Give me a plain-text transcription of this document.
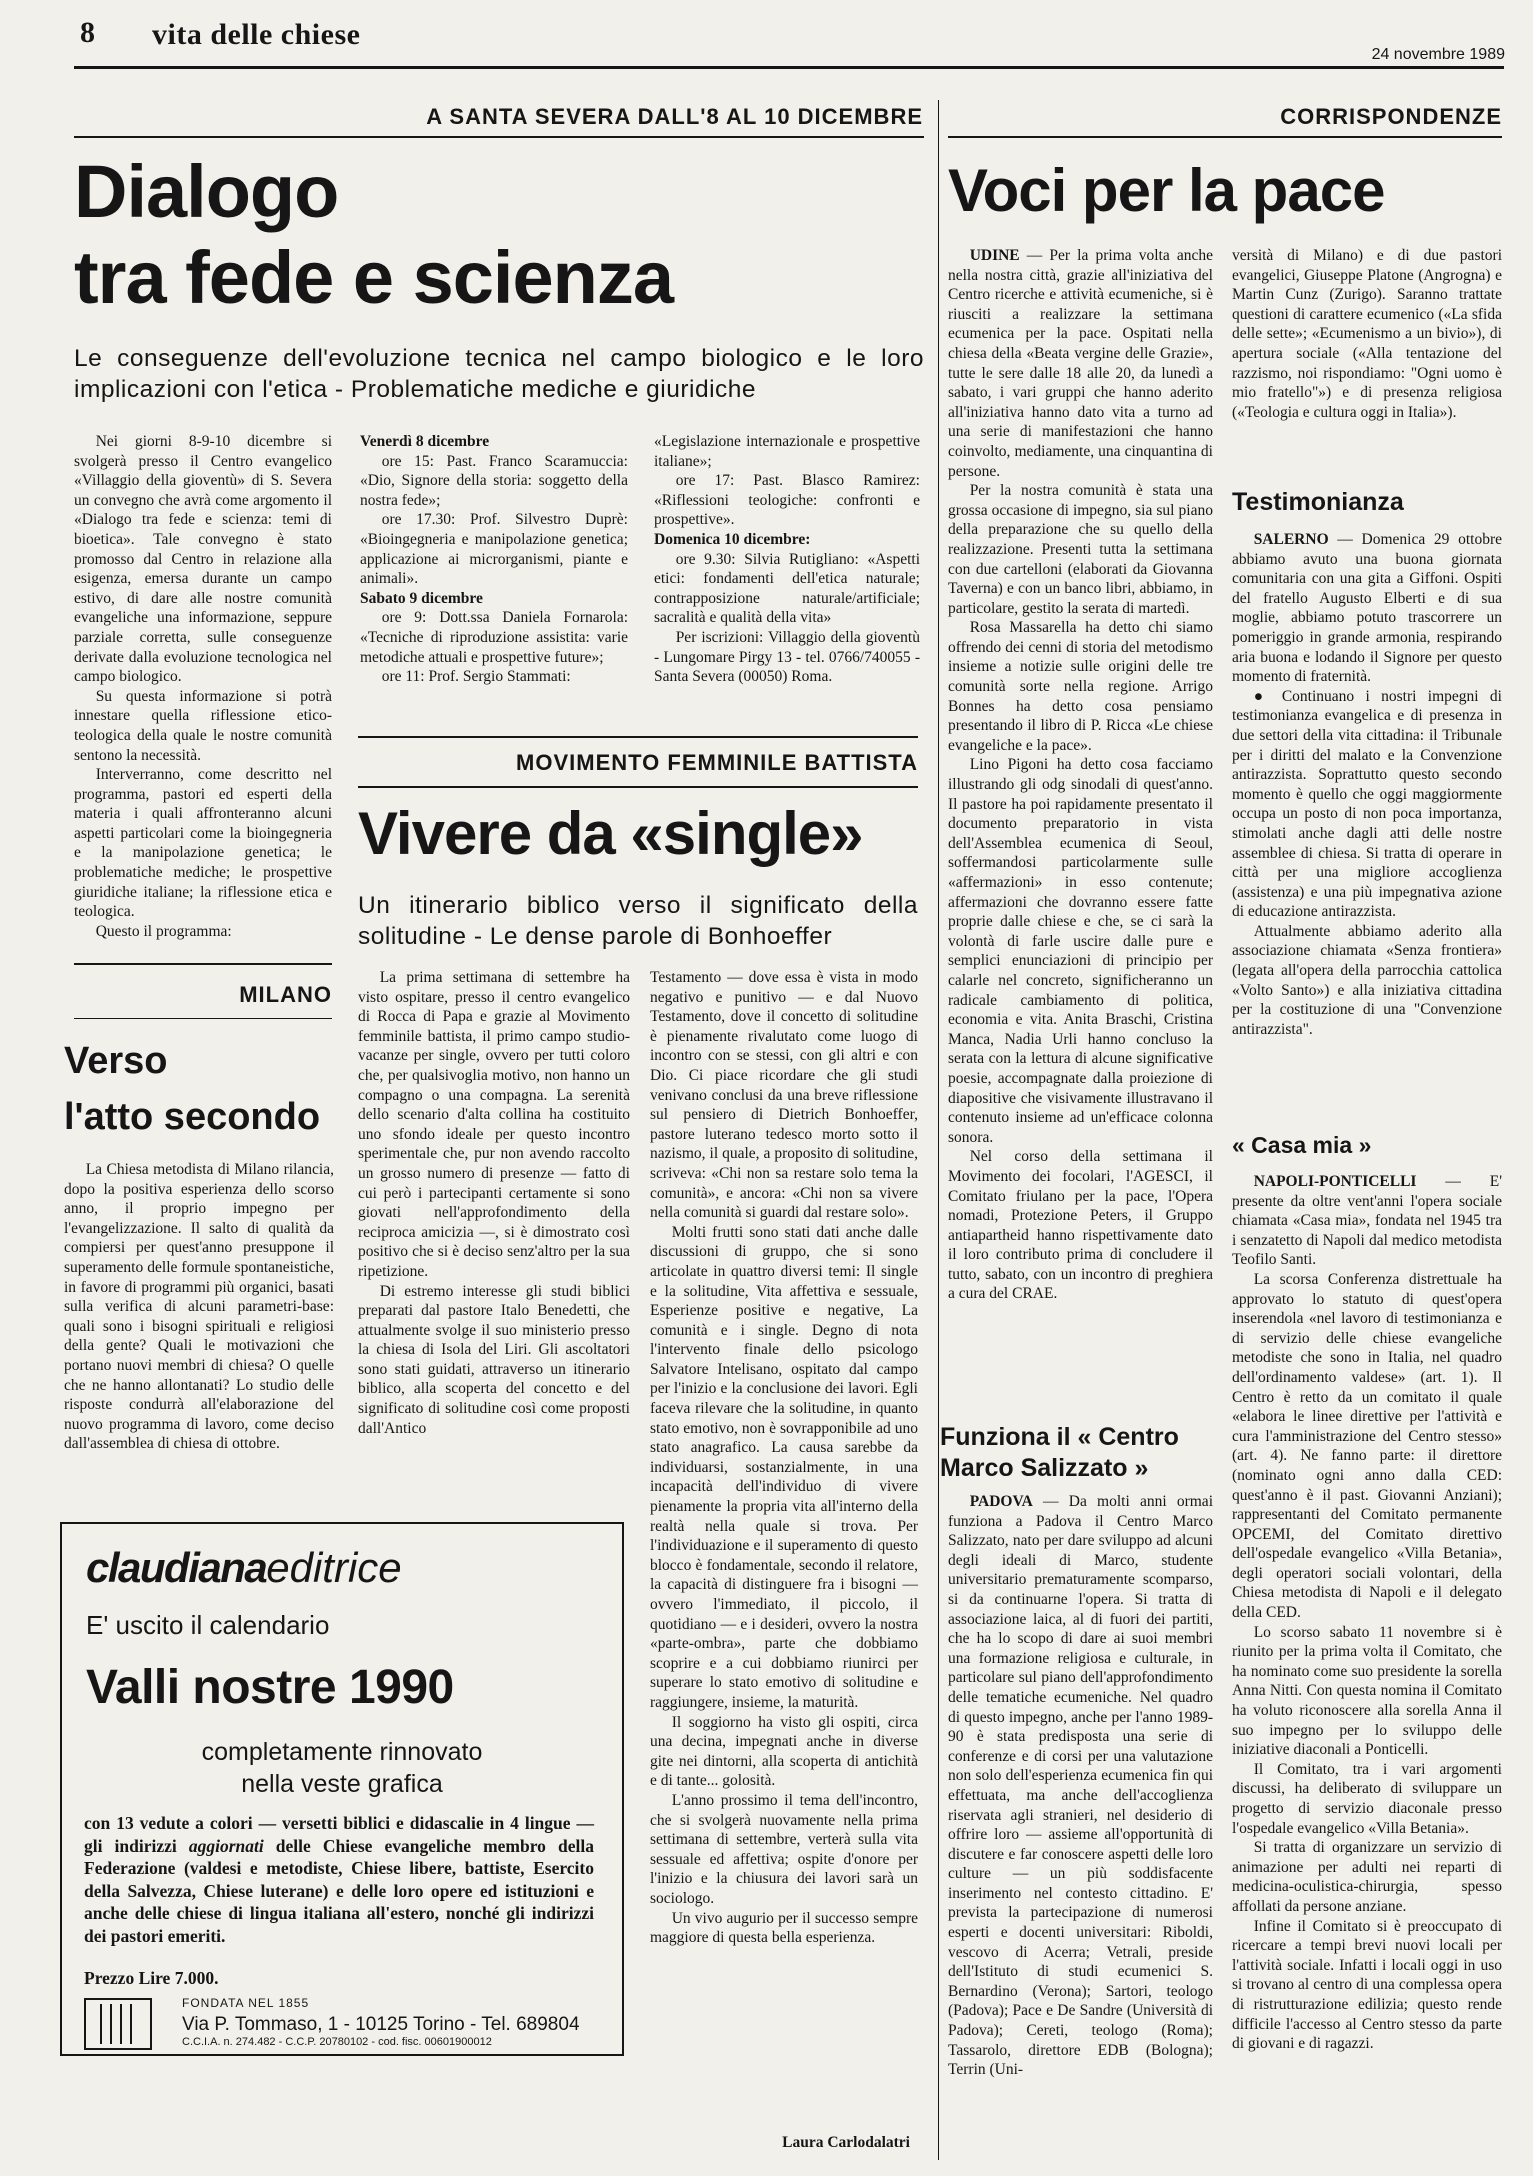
8 vita delle chiese
24 novembre 1989
A SANTA SEVERA DALL'8 AL 10 DICEMBRE
Dialogo
tra fede e scienza
Le conseguenze dell'evoluzione tecnica nel campo biologico e le loro implicazioni con l'etica - Problematiche mediche e giuridiche

Nei giorni 8-9-10 dicembre si svolgerà presso il Centro evangelico «Villaggio della gioventù» di S. Severa un convegno che avrà come argomento il «Dialogo tra fede e scienza: temi di bioetica». Tale convegno è stato promosso dal Centro in relazione alla esigenza, emersa durante un campo estivo, di dare alle nostre comunità evangeliche una informazione, seppure parziale corretta, sulle conseguenze derivate dalla evoluzione tecnologica nel campo biologico.

Su questa informazione si potrà innestare quella riflessione etico-teologica della quale le nostre comunità sentono la necessità.

Interverranno, come descritto nel programma, pastori ed esperti della materia i quali affronteranno alcuni aspetti particolari come la bioingegneria e la manipolazione genetica; le problematiche mediche; le prospettive giuridiche italiane; la riflessione etica e teologica.

Questo il programma:

Venerdì 8 dicembre

ore 15: Past. Franco Scaramuccia: «Dio, Signore della storia: soggetto della nostra fede»;

ore 17.30: Prof. Silvestro Duprè: «Bioingegneria e manipolazione genetica; applicazione ai microrganismi, piante e animali».

Sabato 9 dicembre

ore 9: Dott.ssa Daniela Fornarola: «Tecniche di riproduzione assistita: varie metodiche attuali e prospettive future»;

ore 11: Prof. Sergio Stammati:

«Legislazione internazionale e prospettive italiane»;

ore 17: Past. Blasco Ramirez: «Riflessioni teologiche: confronti e prospettive».

Domenica 10 dicembre:

ore 9.30: Silvia Rutigliano: «Aspetti etici: fondamenti dell'etica naturale; contrapposizione naturale/artificiale; sacralità e qualità della vita»

Per iscrizioni: Villaggio della gioventù - Lungomare Pirgy 13 - tel. 0766/740055 - Santa Severa (00050) Roma.

MILANO
Verso
l'atto secondo

La Chiesa metodista di Milano rilancia, dopo la positiva esperienza dello scorso anno, il proprio impegno per l'evangelizzazione. Il salto di qualità da compiersi per quest'anno presuppone il superamento delle formule spontaneistiche, in favore di programmi più organici, basati sulla verifica di alcuni parametri-base: quali sono i bisogni spirituali e religiosi della gente? Quali le motivazioni che portano nuovi membri di chiesa? O quelle che ne hanno allontanati? Lo studio delle risposte condurrà all'elaborazione del nuovo programma di lavoro, come deciso dall'assemblea di chiesa di ottobre.

MOVIMENTO FEMMINILE BATTISTA
Vivere da «single»
Un itinerario biblico verso il significato della solitudine - Le dense parole di Bonhoeffer

La prima settimana di settembre ha visto ospitare, presso il centro evangelico di Rocca di Papa e grazie al Movimento femminile battista, il primo campo studio-vacanze per single, ovvero per tutti coloro che, per qualsivoglia motivo, non hanno un compagno o una compagna. La serenità dello scenario d'alta collina ha costituito uno sfondo ideale per questo incontro sperimentale che, pur non avendo raccolto un grosso numero di presenze — fatto di cui però i partecipanti certamente si sono giovati nell'approfondimento della reciproca amicizia —, si è dimostrato così positivo che si è deciso senz'altro per la sua ripetizione.

Di estremo interesse gli studi biblici preparati dal pastore Italo Benedetti, che attualmente svolge il suo ministerio presso la chiesa di Isola del Liri. Gli ascoltatori sono stati guidati, attraverso un itinerario biblico, alla scoperta del concetto e del significato di solitudine così come proposti dall'Antico

Testamento — dove essa è vista in modo negativo e punitivo — e dal Nuovo Testamento, dove il concetto di solitudine è pienamente rivalutato come luogo di incontro con se stessi, con gli altri e con Dio. Ci piace ricordare che gli studi venivano conclusi da una breve riflessione sul pensiero di Dietrich Bonhoeffer, pastore luterano tedesco morto sotto il nazismo, il quale, a proposito di solitudine, scriveva: «Chi non sa restare solo tema la comunità», e ancora: «Chi non sa vivere nella comunità si guardi dal restare solo».

Molti frutti sono stati dati anche dalle discussioni di gruppo, che si sono articolate in quattro diversi temi: Il single e la solitudine, Vita affettiva e sessuale, Esperienze positive e negative, La comunità e i single. Degno di nota l'intervento finale dello psicologo Salvatore Intelisano, ospitato dal campo per l'inizio e la conclusione dei lavori. Egli faceva rilevare che la solitudine, in quanto stato emotivo, non è sovrapponibile ad uno stato anagrafico. La causa sarebbe da individuarsi, sostanzialmente, in una incapacità dell'individuo di vivere pienamente la propria vita all'interno della realtà nella quale si trova. Per l'individuazione e il superamento di questo blocco è fondamentale, secondo il relatore, la capacità di distinguere fra i bisogni — ovvero l'immediato, il piccolo, il quotidiano — e i desideri, ovvero la nostra «parte-ombra», parte che dobbiamo scoprire e a cui dobbiamo riunirci per superare lo stato emotivo di solitudine e raggiungere, insieme, la maturità.

Il soggiorno ha visto gli ospiti, circa una decina, impegnati anche in diverse gite nei dintorni, alla scoperta di antichità e di tante... golosità.

L'anno prossimo il tema dell'incontro, che si svolgerà nuovamente nella prima settimana di settembre, verterà sulla vita sessuale ed affettiva; ospite d'onore per l'inizio e la chiusura dei lavori sarà un sociologo.

Un vivo augurio per il successo sempre maggiore di questa bella esperienza.

Laura Carlodalatri
claudianaeditrice
E' uscito il calendario
Valli nostre 1990
completamente rinnovato
nella veste grafica
con 13 vedute a colori — versetti biblici e didascalie in 4 lingue — gli indirizzi aggiornati delle Chiese evangeliche membro della Federazione (valdesi e metodiste, Chiese libere, battiste, Esercito della Salvezza, Chiese luterane) e delle loro opere ed istituzioni e anche delle chiese di lingua italiana all'estero, nonché gli indirizzi dei pastori emeriti.
Prezzo Lire 7.000.
FONDATA NEL 1855
Via P. Tommaso, 1 - 10125 Torino - Tel. 689804
C.C.I.A. n. 274.482 - C.C.P. 20780102 - cod. fisc. 00601900012
CORRISPONDENZE
Voci per la pace

UDINE — Per la prima volta anche nella nostra città, grazie all'iniziativa del Centro ricerche e attività ecumeniche, si è riusciti a realizzare la settimana ecumenica per la pace. Ospitati nella chiesa della «Beata vergine delle Grazie», tutte le sere dalle 18 alle 20, da lunedì a sabato, i vari gruppi che hanno aderito all'iniziativa hanno dato vita a turno ad una serie di manifestazioni che hanno coinvolto, mediamente, una cinquantina di persone.

Per la nostra comunità è stata una grossa occasione di impegno, sia sul piano della preparazione che su quello della realizzazione. Presenti tutta la settimana con due cartelloni (elaborati da Giovanna Taverna) e con un banco libri, abbiamo, in particolare, gestito la serata di martedì.

Rosa Massarella ha detto chi siamo offrendo dei cenni di storia del metodismo insieme a notizie sulle origini delle tre comunità sorte nella regione. Arrigo Bonnes ha detto cosa pensiamo presentando il libro di P. Ricca «Le chiese evangeliche e la pace».

Lino Pigoni ha detto cosa facciamo illustrando gli odg sinodali di quest'anno. Il pastore ha poi rapidamente presentato il documento preparatorio in vista dell'Assemblea ecumenica di Seoul, soffermandosi particolarmente sulle «affermazioni» in esso contenute; affermazioni che dovranno essere fatte proprie dalle chiese e che, se ci sarà la volontà di farle uscire dalle pure e semplici enunciazioni di principio per calarle nel concreto, significheranno un radicale cambiamento di politica, economia e vita. Anita Braschi, Cristina Manca, Nadia Urli hanno concluso la serata con la lettura di alcune significative poesie, accompagnate dalla proiezione di diapositive che visivamente illustravano il contenuto insieme ad un'efficace colonna sonora.

Nel corso della settimana il Movimento dei focolari, l'AGESCI, il Comitato friulano per la pace, l'Opera nomadi, Protezione Peters, il Gruppo antiapartheid hanno rispettivamente dato il loro contributo prima di concludere il tutto, sabato, con un incontro di preghiera a cura del CRAE.

Funziona il « Centro Marco Salizzato »

PADOVA — Da molti anni ormai funziona a Padova il Centro Marco Salizzato, nato per dare sviluppo ad alcuni degli ideali di Marco, studente universitario prematuramente scomparso, si da continuarne l'opera. Si tratta di associazione laica, al di fuori dei partiti, che ha lo scopo di dare ai suoi membri una formazione religiosa e culturale, in particolare sul piano dell'approfondimento delle tematiche ecumeniche. Nel quadro di questo impegno, anche per l'anno 1989-90 è stata predisposta una serie di conferenze e di corsi per una valutazione non solo dell'esperienza ecumenica fin qui effettuata, ma anche dell'accoglienza riservata agli stranieri, nel desiderio di offrire loro — assieme all'opportunità di discutere e far conoscere aspetti delle loro culture — un più soddisfacente inserimento nel contesto cittadino. E' prevista la partecipazione di numerosi esperti e docenti universitari: Riboldi, vescovo di Acerra; Vetrali, preside dell'Istituto di studi ecumenici S. Bernardino (Verona); Sartori, teologo (Padova); Pace e De Sandre (Università di Padova); Cereti, teologo (Roma); Tassarolo, direttore EDB (Bologna); Terrin (Uni-

versità di Milano) e di due pastori evangelici, Giuseppe Platone (Angrogna) e Martin Cunz (Zurigo). Saranno trattate questioni di carattere ecumenico («La sfida delle sette»; «Ecumenismo a un bivio»), di apertura sociale («Alla tentazione del razzismo, noi rispondiamo: "Ogni uomo è mio fratello"») e di presenza religiosa («Teologia e cultura oggi in Italia»).

Testimonianza

SALERNO — Domenica 29 ottobre abbiamo avuto una buona giornata comunitaria con una gita a Giffoni. Ospiti del fratello Augusto Elberti e di sua moglie, abbiamo potuto trascorrere un pomeriggio in grande armonia, respirando aria buona e lodando il Signore per questo momento di fraternità.

● Continuano i nostri impegni di testimonianza evangelica e di presenza in due settori della vita cittadina: il Tribunale per i diritti del malato e la Convenzione antirazzista. Soprattutto questo secondo momento è quello che oggi maggiormente occupa un posto di non poca importanza, stimolati anche dagli atti delle nostre assemblee di chiesa. Si tratta di operare in città per una migliore accoglienza (assistenza) e una più impegnativa azione di educazione antirazzista.

Attualmente abbiamo aderito alla associazione chiamata «Senza frontiera» (legata all'opera della parrocchia cattolica «Volto Santo») e alla iniziativa cittadina per la costituzione di una "Convenzione antirazzista".

« Casa mia »

NAPOLI-PONTICELLI — E' presente da oltre vent'anni l'opera sociale chiamata «Casa mia», fondata nel 1945 tra i senzatetto di Napoli dal medico metodista Teofilo Santi.

La scorsa Conferenza distrettuale ha approvato lo statuto di quest'opera inserendola «nel lavoro di testimonianza e di servizio delle chiese evangeliche metodiste che sono in Italia, nel quadro dell'ordinamento valdese» (art. 1). Il Centro è retto da un comitato il quale «elabora le linee direttive per l'attività e cura l'amministrazione del Centro stesso» (art. 4). Ne fanno parte: il direttore (nominato ogni anno dalla CED: quest'anno è il past. Giovanni Anziani); rappresentanti del Comitato permanente OPCEMI, del Comitato direttivo dell'ospedale evangelico «Villa Betania», degli operatori sociali volontari, della Chiesa metodista di Napoli e il delegato della CED.

Lo scorso sabato 11 novembre si è riunito per la prima volta il Comitato, che ha nominato come suo presidente la sorella Anna Nitti. Con questa nomina il Comitato ha voluto riconoscere alla sorella Anna il suo impegno per lo sviluppo delle iniziative diaconali a Ponticelli.

Il Comitato, tra i vari argomenti discussi, ha deliberato di sviluppare un progetto di servizio diaconale presso l'ospedale evangelico «Villa Betania».

Si tratta di organizzare un servizio di animazione per adulti nei reparti di medicina-oculistica-chirurgia, spesso affollati da persone anziane.

Infine il Comitato si è preoccupato di ricercare a tempi brevi nuovi locali per l'attività sociale. Infatti i locali oggi in uso si trovano al centro di una complessa opera di ristrutturazione edilizia; questo rende difficile l'accesso al Centro stesso da parte di giovani e di ragazzi.
